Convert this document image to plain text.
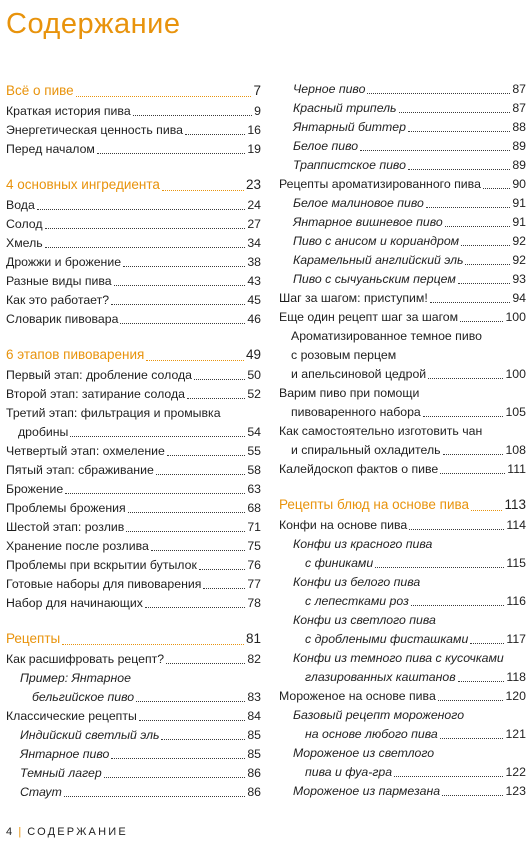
Содержание
Всё о пиве	7
Краткая история пива	9
Энергетическая ценность пива	16
Перед началом	19
4 основных ингредиента	23
Вода	24
Солод	27
Хмель	34
Дрожжи и брожение	38
Разные виды пива	43
Как это работает?	45
Словарик пивовара	46
6 этапов пивоварения	49
Первый этап: дробление солода	50
Второй этап: затирание солода	52
Третий этап: фильтрация и промывка
дробины	54
Четвертый этап: охмеление	55
Пятый этап: сбраживание	58
Брожение	63
Проблемы брожения	68
Шестой этап: розлив	71
Хранение после розлива	75
Проблемы при вскрытии бутылок	76
Готовые наборы для пивоварения	77
Набор для начинающих	78
Рецепты	81
Как расшифровать рецепт?	82
Пример: Янтарное
бельгийское пиво	83
Классические рецепты	84
Индийский светлый эль	85
Янтарное пиво	85
Темный лагер	86
Стаут	86
Черное пиво	87
Красный трипель	87
Янтарный биттер	88
Белое пиво	89
Траппистское пиво	89
Рецепты ароматизированного пива	90
Белое малиновое пиво	91
Янтарное вишневое пиво	91
Пиво с анисом и кориандром	92
Карамельный английский эль	92
Пиво с сычуаньским перцем	93
Шаг за шагом: приступим!	94
Еще один рецепт шаг за шагом	100
Ароматизированное темное пиво
с розовым перцем
и апельсиновой цедрой	100
Варим пиво при помощи
пивоваренного набора	105
Как самостоятельно изготовить чан
и спиральный охладитель	108
Калейдоскоп фактов о пиве	111
Рецепты блюд на основе пива	113
Конфи на основе пива	114
Конфи из красного пива
с финиками	115
Конфи из белого пива
с лепестками роз	116
Конфи из светлого пива
с дроблеными фисташками	117
Конфи из темного пива с кусочками
глазированных каштанов	118
Мороженое на основе пива	120
Базовый рецепт мороженого
на основе любого пива	121
Мороженое из светлого
пива и фуа-гра	122
Мороженое из пармезана	123
4 | СОДЕРЖАНИЕ
